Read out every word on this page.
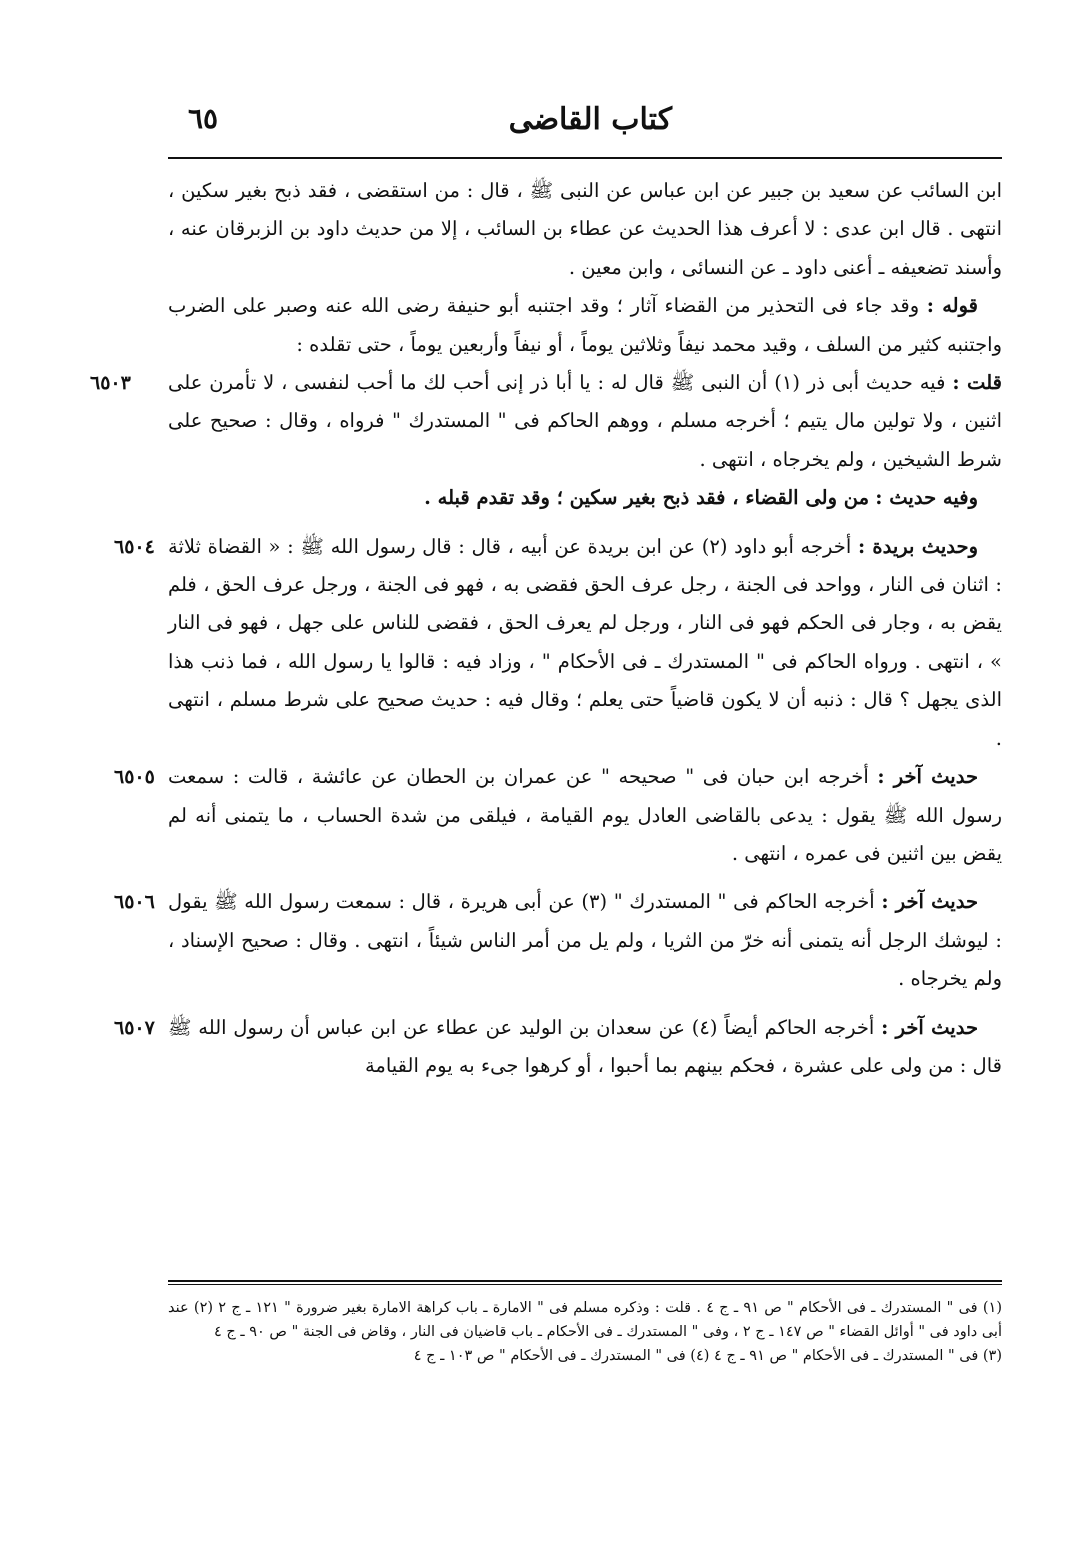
كتاب القاضى
٦٥

ابن السائب عن سعيد بن جبير عن ابن عباس عن النبى ﷺ ، قال : من استقضى ، فقد ذبح بغير سكين ، انتهى . قال ابن عدى : لا أعرف هذا الحديث عن عطاء بن السائب ، إلا من حديث داود بن الزبرقان عنه ، وأسند تضعيفه ـ أعنى داود ـ عن النسائى ، وابن معين .

قوله : وقد جاء فى التحذير من القضاء آثار ؛ وقد اجتنبه أبو حنيفة رضى الله عنه وصبر على الضرب واجتنبه كثير من السلف ، وقيد محمد نيفاً وثلاثين يوماً ، أو نيفاً وأربعين يوماً ، حتى تقلده :

٦٥٠٣	قلت : فيه حديث أبى ذر (١) أن النبى ﷺ قال له : يا أبا ذر إنى أحب لك ما أحب لنفسى ، لا تأمرن على اثنين ، ولا تولين مال يتيم ؛ أخرجه مسلم ، ووهم الحاكم فى " المستدرك " فرواه ، وقال : صحيح على شرط الشيخين ، ولم يخرجاه ، انتهى .

وفيه حديث : من ولى القضاء ، فقد ذبح بغير سكين ؛ وقد تقدم قبله .

٦٥٠٤	وحديث بريدة : أخرجه أبو داود (٢) عن ابن بريدة عن أبيه ، قال : قال رسول الله ﷺ : « القضاة ثلاثة : اثنان فى النار ، وواحد فى الجنة ، رجل عرف الحق فقضى به ، فهو فى الجنة ، ورجل عرف الحق ، فلم يقض به ، وجار فى الحكم فهو فى النار ، ورجل لم يعرف الحق ، فقضى للناس على جهل ، فهو فى النار » ، انتهى . ورواه الحاكم فى " المستدرك ـ فى الأحكام " ، وزاد فيه : قالوا يا رسول الله ، فما ذنب هذا الذى يجهل ؟ قال : ذنبه أن لا يكون قاضياً حتى يعلم ؛ وقال فيه : حديث صحيح على شرط مسلم ، انتهى .

٦٥٠٥	حديث آخر : أخرجه ابن حبان فى " صحيحه " عن عمران بن الحطان عن عائشة ، قالت : سمعت رسول الله ﷺ يقول : يدعى بالقاضى العادل يوم القيامة ، فيلقى من شدة الحساب ، ما يتمنى أنه لم يقض بين اثنين فى عمره ، انتهى .

٦٥٠٦	حديث آخر : أخرجه الحاكم فى " المستدرك " (٣) عن أبى هريرة ، قال : سمعت رسول الله ﷺ يقول : ليوشك الرجل أنه يتمنى أنه خرّ من الثريا ، ولم يل من أمر الناس شيئاً ، انتهى . وقال : صحيح الإسناد ، ولم يخرجاه .

٦٥٠٧	حديث آخر : أخرجه الحاكم أيضاً (٤) عن سعدان بن الوليد عن عطاء عن ابن عباس أن رسول الله ﷺ قال : من ولى على عشرة ، فحكم بينهم بما أحبوا ، أو كرهوا جىء به يوم القيامة

(١) فى " المستدرك ـ فى الأحكام " ص ٩١ ـ ج ٤ . قلت : وذكره مسلم فى " الامارة ـ باب كراهة الامارة بغير ضرورة " ١٢١ ـ ج ٢ (٢) عند أبى داود فى " أوائل القضاء " ص ١٤٧ ـ ج ٢ ، وفى " المستدرك ـ فى الأحكام ـ باب قاضيان فى النار ، وقاض فى الجنة " ص ٩٠ ـ ج ٤

(٣) فى " المستدرك ـ فى الأحكام " ص ٩١ ـ ج ٤ (٤) فى " المستدرك ـ فى الأحكام " ص ١٠٣ ـ ج ٤
